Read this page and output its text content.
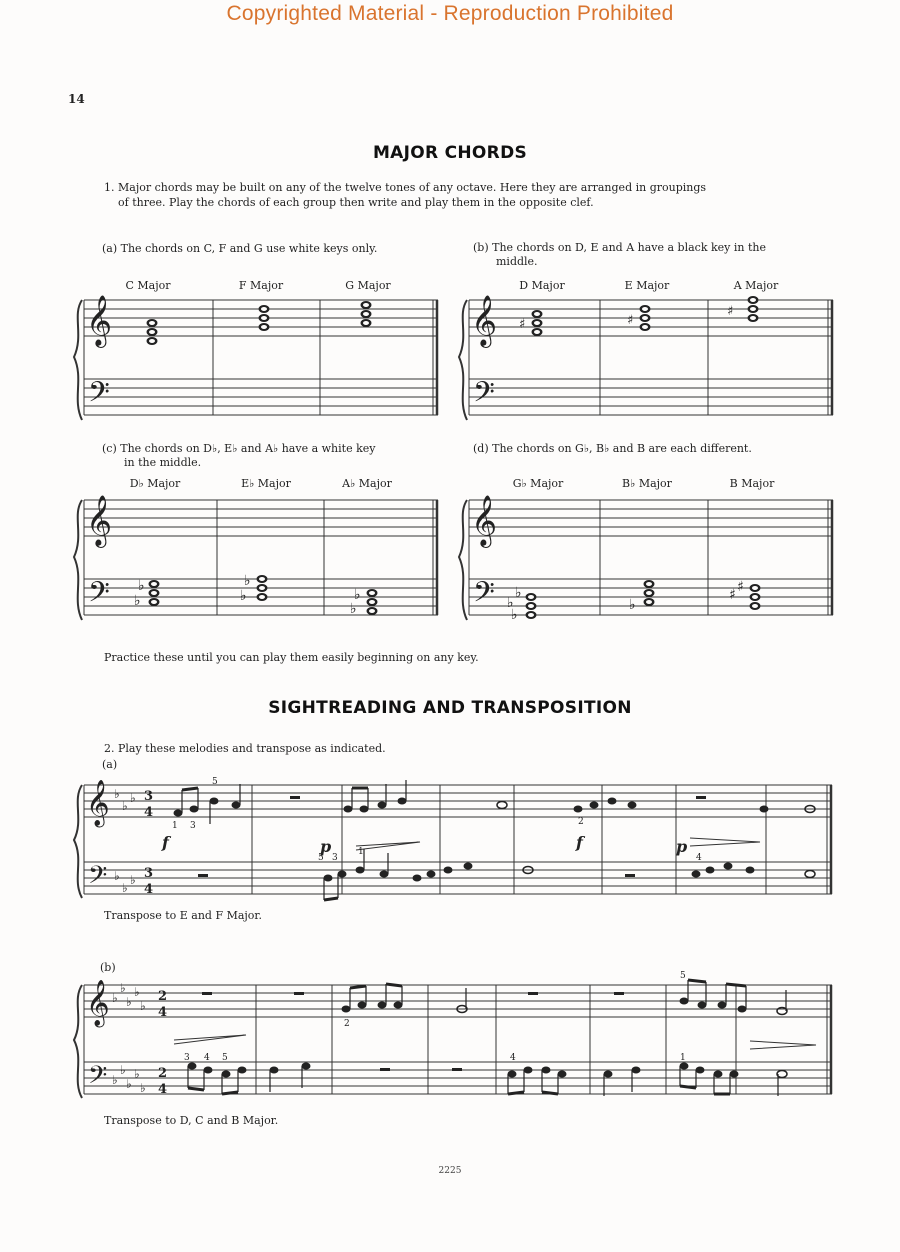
Copyrighted Material - Reproduction Prohibited
14
MAJOR CHORDS
1. Major chords may be built on any of the twelve tones of any octave. Here they are arranged in groupings
of three. Play the chords of each group then write and play them in the opposite clef.
(a) The chords on C, F and G use white keys only.	(b) The chords on D, E and A have a black key in the
middle.
(c) The chords on D♭, E♭ and A♭ have a white key
in the middle.
(d) The chords on G♭, B♭ and B are each different.
C Major	F Major	G Major	D Major	E Major	A Major
D♭ Major	E♭ Major	A♭ Major	G♭ Major	B♭ Major	B Major
𝄞
𝄢
𝄞
𝄢
♯	♯
♯
𝄞
𝄢 ♭
♭
♭
♭	♭
♭
𝄞
𝄢 ♭
♭
♭
♭
♯ ♯
Practice these until you can play them easily beginning on any key.
SIGHTREADING AND TRANSPOSITION
2. Play these melodies and transpose as indicated.
(a)
𝄞
𝄢
♭
♭
♭
♭
♭
♭
3
4
3
4
1 3
5
5 3
1
2
4
f	p	f	p
Transpose to E and F Major.
(b)
𝄞
𝄢
♭
♭
♭
♭
♭
♭
♭
♭
♭
♭
2
4
2
4
3 4 5
2
4	1
5
Transpose to D, C and B Major.
2225
